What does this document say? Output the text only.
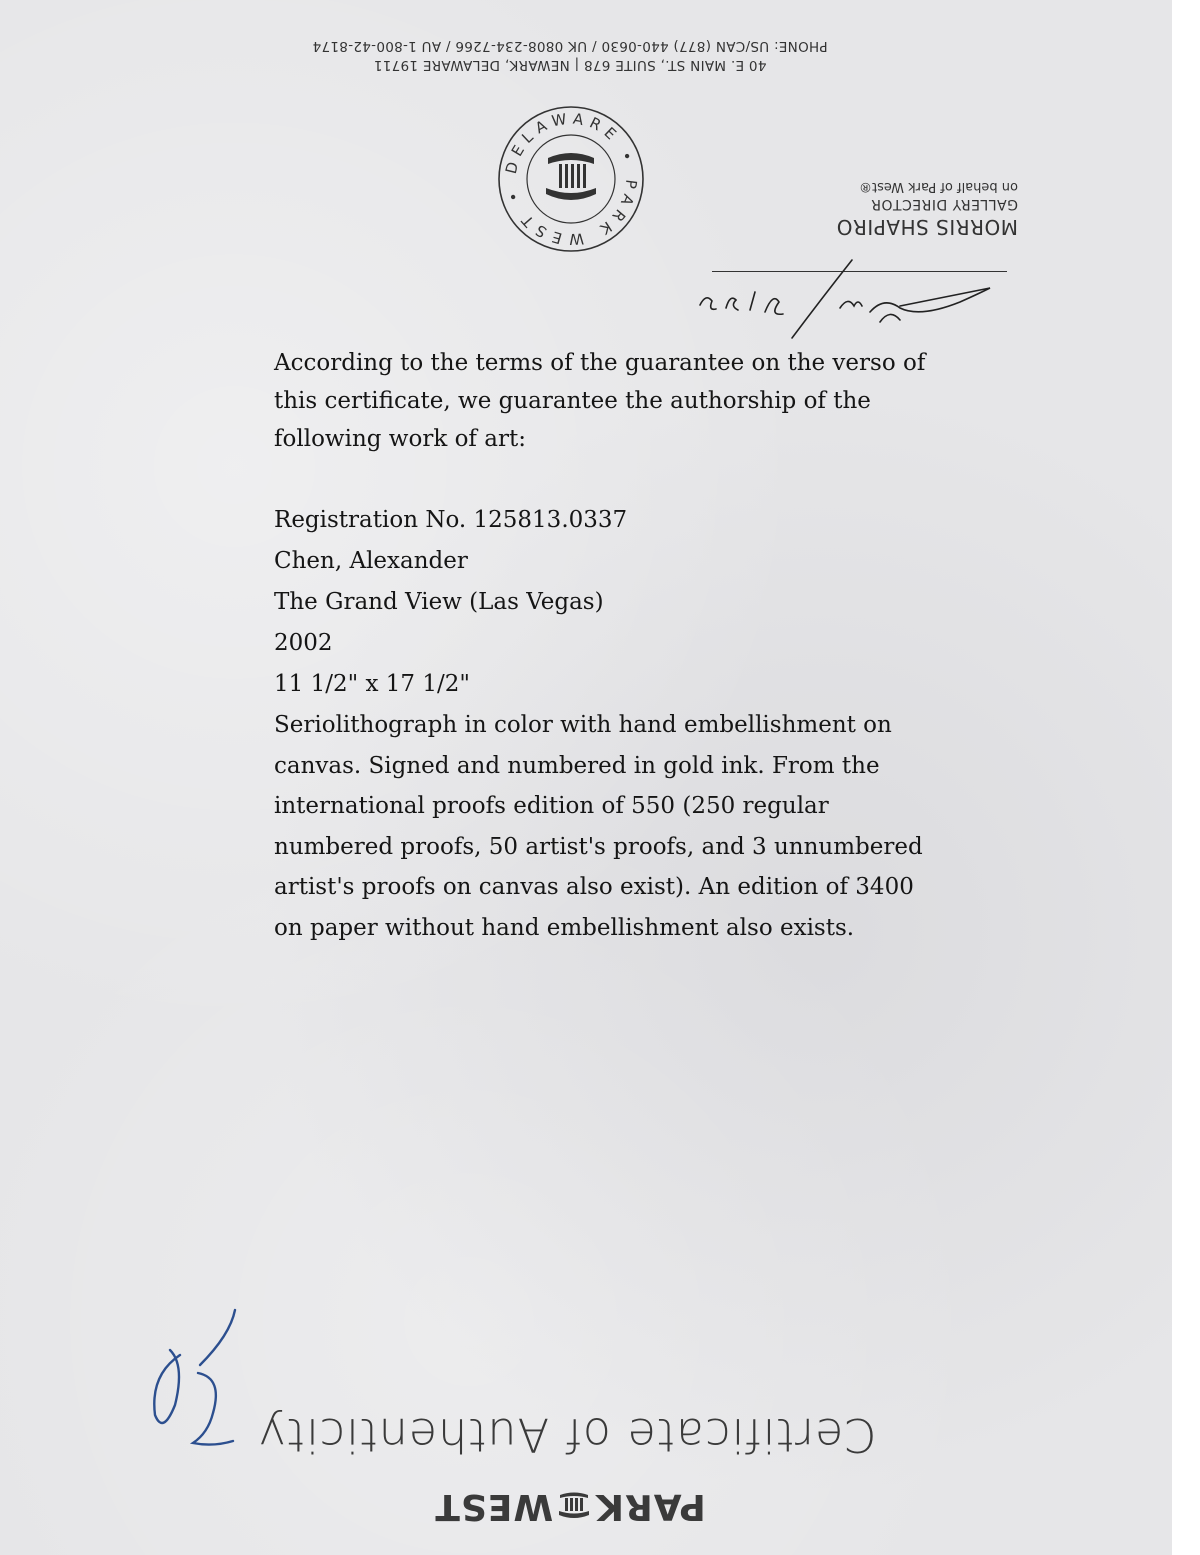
40 E. MAIN ST., SUITE 678 | NEWARK, DELAWARE 19711
PHONE: US/CAN (877) 440-0630 / UK 0808-234-7266 / AU 1-800-42-8174
PARK WEST • DELAWARE •
MORRIS SHAPIRO
GALLERY DIRECTOR
on behalf of Park West®
According to the terms of the guarantee on the verso of
this certificate, we guarantee the authorship of the
following work of art:
Registration No. 125813.0337
Chen, Alexander
The Grand View (Las Vegas)
2002
11 1/2" x 17 1/2"
Seriolithograph in color with hand embellishment on
canvas. Signed and numbered in gold ink. From the
international proofs edition of 550 (250 regular
numbered proofs, 50 artist's proofs, and 3 unnumbered
artist's proofs on canvas also exist). An edition of 3400
on paper without hand embellishment also exists.
Certificate of Authenticity
PARKWEST
